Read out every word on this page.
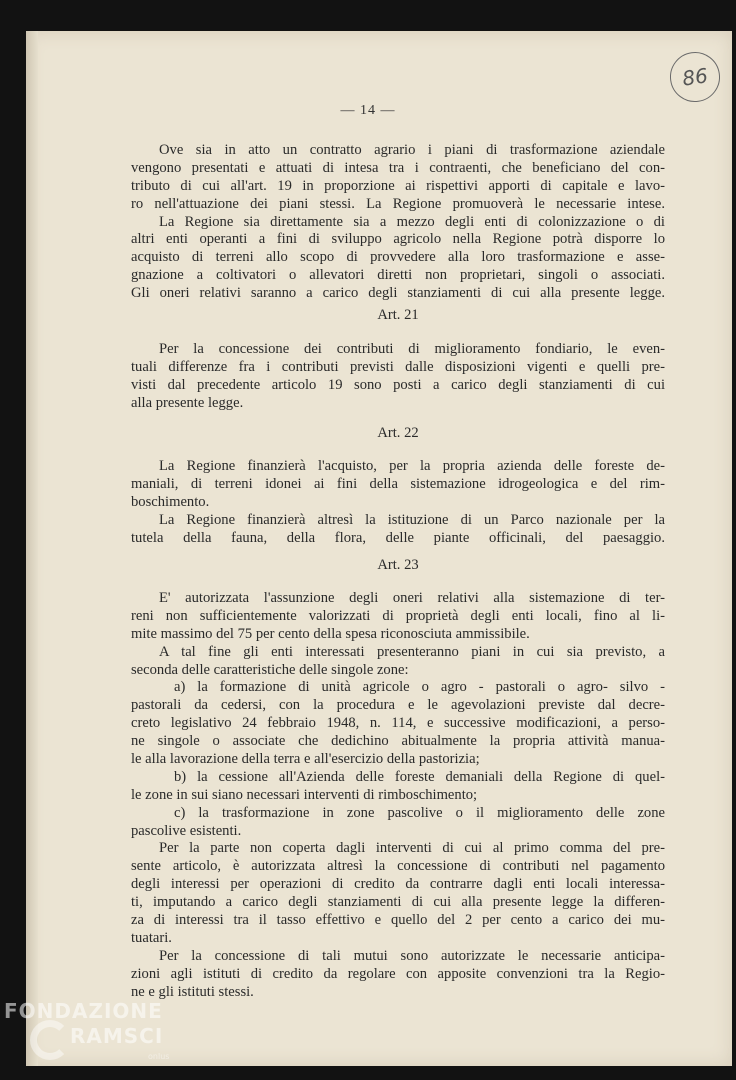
86
— 14 —
Ove sia in atto un contratto agrario i piani di trasformazione aziendale
vengono presentati e attuati di intesa tra i contraenti, che beneficiano del con-
tributo di cui all'art. 19 in proporzione ai rispettivi apporti di capitale e lavo-
ro nell'attuazione dei piani stessi. La Regione promuoverà le necessarie intese.
La Regione sia direttamente sia a mezzo degli enti di colonizzazione o di
altri enti operanti a fini di sviluppo agricolo nella Regione potrà disporre lo
acquisto di terreni allo scopo di provvedere alla loro trasformazione e asse-
gnazione a coltivatori o allevatori diretti non proprietari, singoli o associati.
Gli oneri relativi saranno a carico degli stanziamenti di cui alla presente legge.
Art. 21
Per la concessione dei contributi di miglioramento fondiario, le even-
tuali differenze fra i contributi previsti dalle disposizioni vigenti e quelli pre-
visti dal precedente articolo 19 sono posti a carico degli stanziamenti di cui
alla presente legge.
Art. 22
La Regione finanzierà l'acquisto, per la propria azienda delle foreste de-
maniali, di terreni idonei ai fini della sistemazione idrogeologica e del rim-
boschimento.
La Regione finanzierà altresì la istituzione di un Parco nazionale per la
tutela della fauna, della flora, delle piante officinali, del paesaggio.
Art. 23
E' autorizzata l'assunzione degli oneri relativi alla sistemazione di ter-
reni non sufficientemente valorizzati di proprietà degli enti locali, fino al li-
mite massimo del 75 per cento della spesa riconosciuta ammissibile.
A tal fine gli enti interessati presenteranno piani in cui sia previsto, a
seconda delle caratteristiche delle singole zone:
a) la formazione di unità agricole o agro - pastorali o agro- silvo -
pastorali da cedersi, con la procedura e le agevolazioni previste dal decre-
creto legislativo 24 febbraio 1948, n. 114, e successive modificazioni, a perso-
ne singole o associate che dedichino abitualmente la propria attività manua-
le alla lavorazione della terra e all'esercizio della pastorizia;
b) la cessione all'Azienda delle foreste demaniali della Regione di quel-
le zone in sui siano necessari interventi di rimboschimento;
c) la trasformazione in zone pascolive o il miglioramento delle zone
pascolive esistenti.
Per la parte non coperta dagli interventi di cui al primo comma del pre-
sente articolo, è autorizzata altresì la concessione di contributi nel pagamento
degli interessi per operazioni di credito da contrarre dagli enti locali interessa-
ti, imputando a carico degli stanziamenti di cui alla presente legge la differen-
za di interessi tra il tasso effettivo e quello del 2 per cento a carico dei mu-
tuatari.
Per la concessione di tali mutui sono autorizzate le necessarie anticipa-
zioni agli istituti di credito da regolare con apposite convenzioni tra la Regio-
ne e gli istituti stessi.
FONDAZIONE
RAMSCI
onlus
